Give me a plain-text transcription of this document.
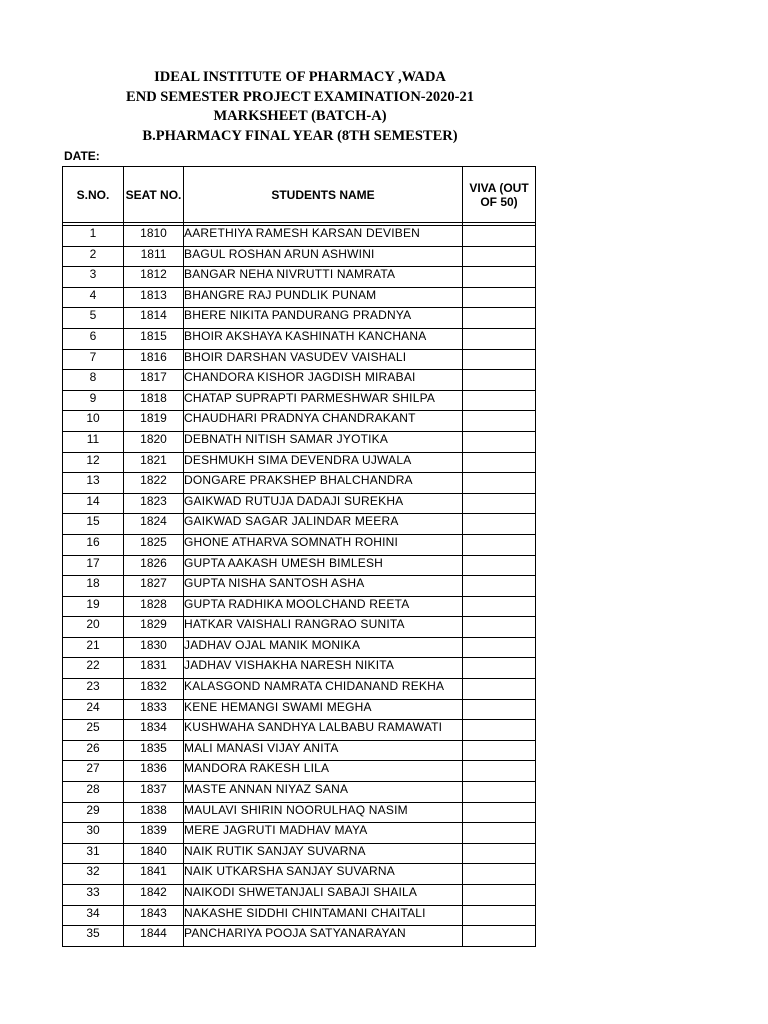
IDEAL INSTITUTE OF PHARMACY ,WADA
END SEMESTER PROJECT EXAMINATION-2020-21
MARKSHEET (BATCH-A)
B.PHARMACY FINAL YEAR (8TH SEMESTER)
DATE:
S.NO.	SEAT NO.	STUDENTS NAME	VIVA (OUT OF 50)

1	1810	AARETHIYA RAMESH KARSAN DEVIBEN	
2	1811	BAGUL ROSHAN ARUN ASHWINI	
3	1812	BANGAR NEHA NIVRUTTI NAMRATA	
4	1813	BHANGRE RAJ PUNDLIK PUNAM	
5	1814	BHERE NIKITA PANDURANG PRADNYA	
6	1815	BHOIR AKSHAYA KASHINATH KANCHANA	
7	1816	BHOIR DARSHAN VASUDEV VAISHALI	
8	1817	CHANDORA KISHOR JAGDISH MIRABAI	
9	1818	CHATAP SUPRAPTI PARMESHWAR SHILPA	
10	1819	CHAUDHARI PRADNYA CHANDRAKANT	
11	1820	DEBNATH NITISH SAMAR JYOTIKA	
12	1821	DESHMUKH SIMA DEVENDRA UJWALA	
13	1822	DONGARE PRAKSHEP BHALCHANDRA	
14	1823	GAIKWAD RUTUJA DADAJI SUREKHA	
15	1824	GAIKWAD SAGAR JALINDAR MEERA	
16	1825	GHONE ATHARVA SOMNATH ROHINI	
17	1826	GUPTA AAKASH UMESH BIMLESH	
18	1827	GUPTA NISHA SANTOSH ASHA	
19	1828	GUPTA RADHIKA MOOLCHAND REETA	
20	1829	HATKAR VAISHALI RANGRAO SUNITA	
21	1830	JADHAV OJAL MANIK MONIKA	
22	1831	JADHAV VISHAKHA NARESH NIKITA	
23	1832	KALASGOND NAMRATA CHIDANAND REKHA	
24	1833	KENE HEMANGI SWAMI MEGHA	
25	1834	KUSHWAHA SANDHYA LALBABU RAMAWATI	
26	1835	MALI MANASI VIJAY ANITA	
27	1836	MANDORA RAKESH LILA	
28	1837	MASTE ANNAN NIYAZ SANA	
29	1838	MAULAVI SHIRIN NOORULHAQ NASIM	
30	1839	MERE JAGRUTI MADHAV MAYA	
31	1840	NAIK RUTIK SANJAY SUVARNA	
32	1841	NAIK UTKARSHA SANJAY SUVARNA	
33	1842	NAIKODI SHWETANJALI SABAJI SHAILA	
34	1843	NAKASHE SIDDHI CHINTAMANI CHAITALI	
35	1844	PANCHARIYA POOJA SATYANARAYAN	
